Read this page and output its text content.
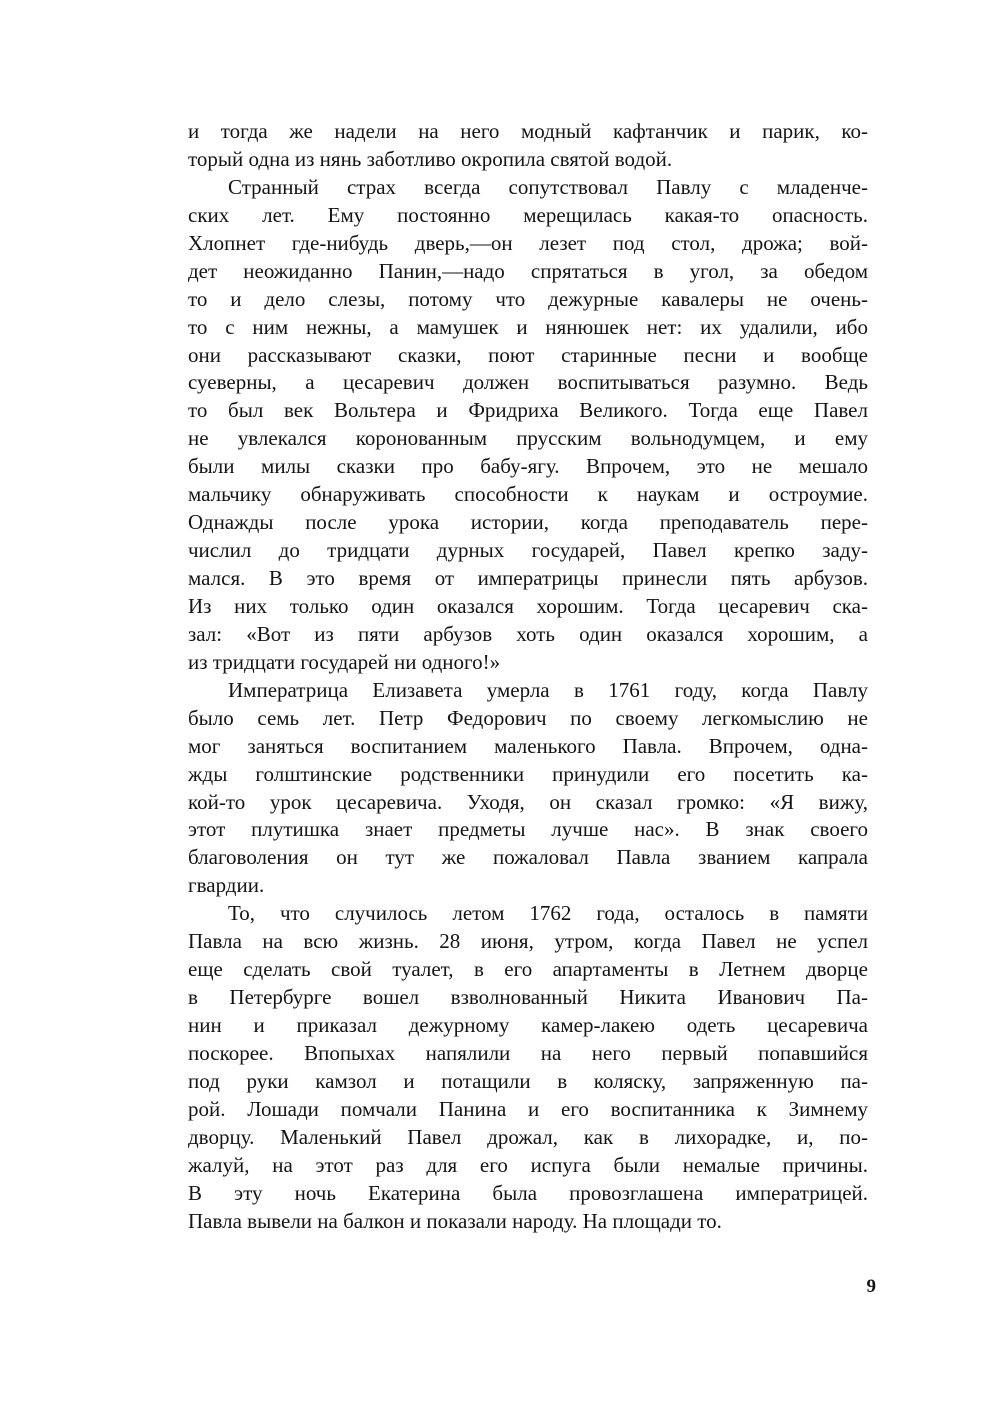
и тогда же надели на него модный кафтанчик и парик, ко-
торый одна из нянь заботливо окропила святой водой.
Странный страх всегда сопутствовал Павлу с младенче-
ских лет. Ему постоянно мерещилась какая-то опасность.
Хлопнет где-нибудь дверь,—он лезет под стол, дрожа; вой-
дет неожиданно Панин,—надо спрятаться в угол, за обедом
то и дело слезы, потому что дежурные кавалеры не очень-
то с ним нежны, а мамушек и нянюшек нет: их удалили, ибо
они рассказывают сказки, поют старинные песни и вообще
суеверны, а цесаревич должен воспитываться разумно. Ведь
то был век Вольтера и Фридриха Великого. Тогда еще Павел
не увлекался коронованным прусским вольнодумцем, и ему
были милы сказки про бабу-ягу. Впрочем, это не мешало
мальчику обнаруживать способности к наукам и остроумие.
Однажды после урока истории, когда преподаватель пере-
числил до тридцати дурных государей, Павел крепко заду-
мался. В это время от императрицы принесли пять арбузов.
Из них только один оказался хорошим. Тогда цесаревич ска-
зал: «Вот из пяти арбузов хоть один оказался хорошим, а
из тридцати государей ни одного!»
Императрица Елизавета умерла в 1761 году, когда Павлу
было семь лет. Петр Федорович по своему легкомыслию не
мог заняться воспитанием маленького Павла. Впрочем, одна-
жды голштинские родственники принудили его посетить ка-
кой-то урок цесаревича. Уходя, он сказал громко: «Я вижу,
этот плутишка знает предметы лучше нас». В знак своего
благоволения он тут же пожаловал Павла званием капрала
гвардии.
То, что случилось летом 1762 года, осталось в памяти
Павла на всю жизнь. 28 июня, утром, когда Павел не успел
еще сделать свой туалет, в его апартаменты в Летнем дворце
в Петербурге вошел взволнованный Никита Иванович Па-
нин и приказал дежурному камер-лакею одеть цесаревича
поскорее. Впопыхах напялили на него первый попавшийся
под руки камзол и потащили в коляску, запряженную па-
рой. Лошади помчали Панина и его воспитанника к Зимнему
дворцу. Маленький Павел дрожал, как в лихорадке, и, по-
жалуй, на этот раз для его испуга были немалые причины.
В эту ночь Екатерина была провозглашена императрицей.
Павла вывели на балкон и показали народу. На площади то.
9
